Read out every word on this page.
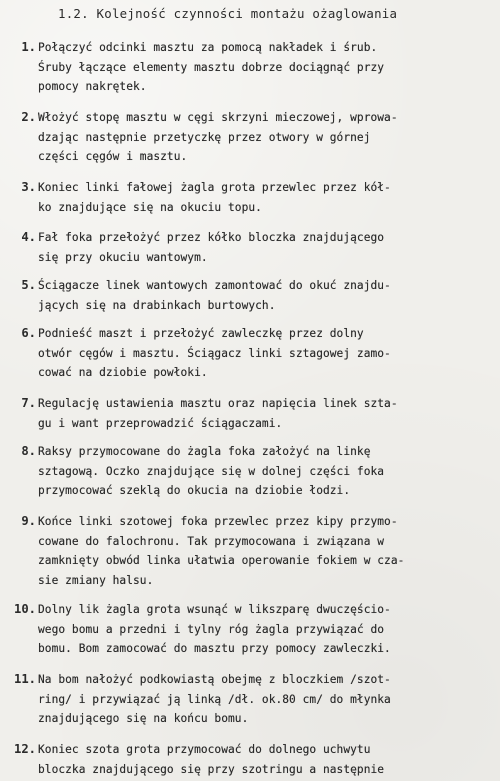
1.2. Kolejność czynności montażu ożaglowania
1. Połączyć odcinki masztu za pomocą nakładek i śrub.
Śruby łączące elementy masztu dobrze dociągnąć przy
pomocy nakrętek.
2. Włożyć stopę masztu w cęgi skrzyni mieczowej, wprowa-
dzając następnie przetyczkę przez otwory w górnej
części cęgów i masztu.
3. Koniec linki fałowej żagla grota przewlec przez kół-
ko znajdujące się na okuciu topu.
4. Fał foka przełożyć przez kółko bloczka znajdującego
się przy okuciu wantowym.
5. Ściągacze linek wantowych zamontować do okuć znajdu-
jących się na drabinkach burtowych.
6. Podnieść maszt i przełożyć zawleczkę przez dolny
otwór cęgów i masztu. Ściągacz linki sztagowej zamo-
cować na dziobie powłoki.
7. Regulację ustawienia masztu oraz napięcia linek szta-
gu i want przeprowadzić ściągaczami.
8. Raksy przymocowane do żagla foka założyć na linkę
sztagową. Oczko znajdujące się w dolnej części foka
przymocować szeklą do okucia na dziobie łodzi.
9. Końce linki szotowej foka przewlec przez kipy przymo-
cowane do falochronu. Tak przymocowana i związana w
zamknięty obwód linka ułatwia operowanie fokiem w cza-
sie zmiany halsu.
10. Dolny lik żagla grota wsunąć w likszparę dwuczęścio-
wego bomu a przedni i tylny róg żagla przywiązać do
bomu. Bom zamocować do masztu przy pomocy zawleczki.
11. Na bom nałożyć podkowiastą obejmę z bloczkiem /szot-
ring/ i przywiązać ją linką /dł. ok.80 cm/ do młynka
znajdującego się na końcu bomu.
12. Koniec szota grota przymocować do dolnego uchwytu
bloczka znajdującego się przy szotringu a następnie
